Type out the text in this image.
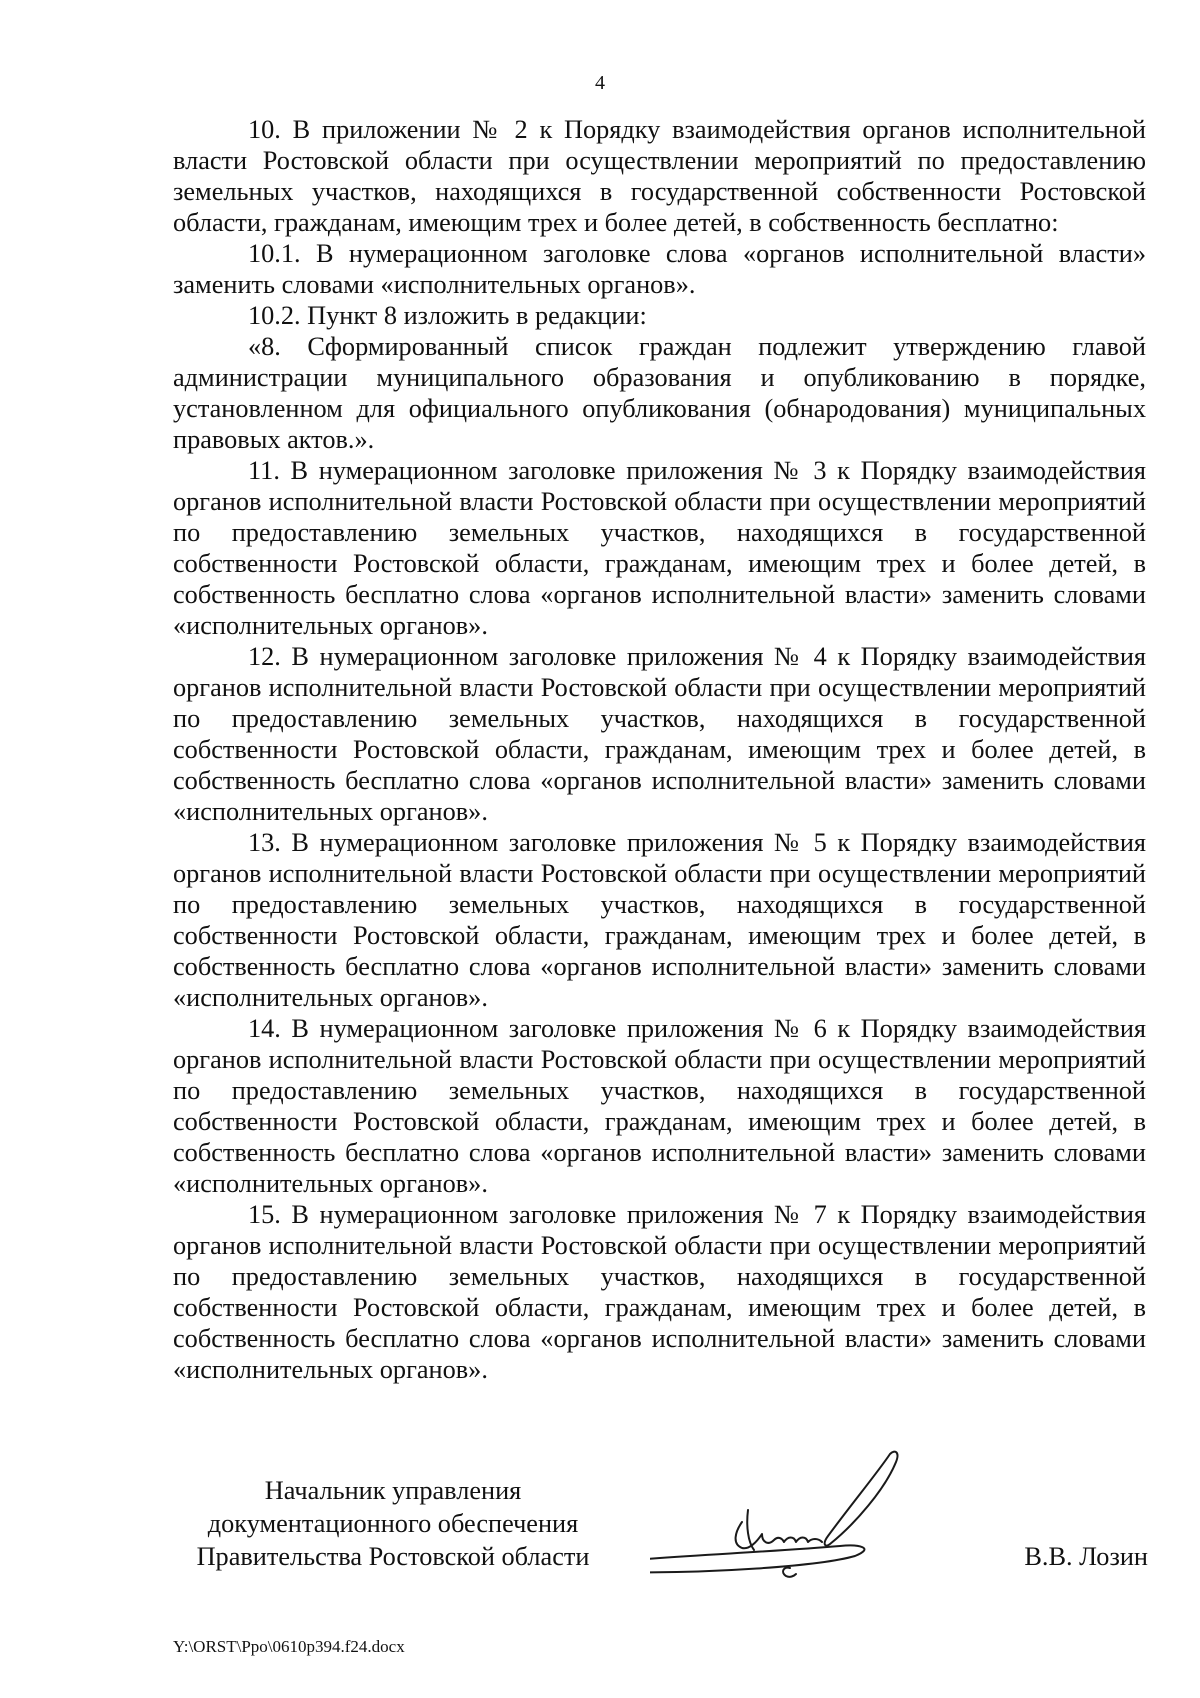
4

10. В приложении № 2 к Порядку взаимодействия органов исполнительной власти Ростовской области при осуществлении мероприятий по предоставлению земельных участков, находящихся в государственной собственности Ростовской области, гражданам, имеющим трех и более детей, в собственность бесплатно:

10.1. В нумерационном заголовке слова «органов исполнительной власти» заменить словами «исполнительных органов».

10.2. Пункт 8 изложить в редакции:

«8. Сформированный список граждан подлежит утверждению главой администрации муниципального образования и опубликованию в порядке, установленном для официального опубликования (обнародования) муниципальных правовых актов.».

11. В нумерационном заголовке приложения № 3 к Порядку взаимодействия органов исполнительной власти Ростовской области при осуществлении мероприятий по предоставлению земельных участков, находящихся в государственной собственности Ростовской области, гражданам, имеющим трех и более детей, в собственность бесплатно слова «органов исполнительной власти» заменить словами «исполнительных органов».

12. В нумерационном заголовке приложения № 4 к Порядку взаимодействия органов исполнительной власти Ростовской области при осуществлении мероприятий по предоставлению земельных участков, находящихся в государственной собственности Ростовской области, гражданам, имеющим трех и более детей, в собственность бесплатно слова «органов исполнительной власти» заменить словами «исполнительных органов».

13. В нумерационном заголовке приложения № 5 к Порядку взаимодействия органов исполнительной власти Ростовской области при осуществлении мероприятий по предоставлению земельных участков, находящихся в государственной собственности Ростовской области, гражданам, имеющим трех и более детей, в собственность бесплатно слова «органов исполнительной власти» заменить словами «исполнительных органов».

14. В нумерационном заголовке приложения № 6 к Порядку взаимодействия органов исполнительной власти Ростовской области при осуществлении мероприятий по предоставлению земельных участков, находящихся в государственной собственности Ростовской области, гражданам, имеющим трех и более детей, в собственность бесплатно слова «органов исполнительной власти» заменить словами «исполнительных органов».

15. В нумерационном заголовке приложения № 7 к Порядку взаимодействия органов исполнительной власти Ростовской области при осуществлении мероприятий по предоставлению земельных участков, находящихся в государственной собственности Ростовской области, гражданам, имеющим трех и более детей, в собственность бесплатно слова «органов исполнительной власти» заменить словами «исполнительных органов».

Начальник управления
документационного обеспечения
Правительства Ростовской области	В.В. Лозин
Y:\ORST\Ppo\0610p394.f24.docx
